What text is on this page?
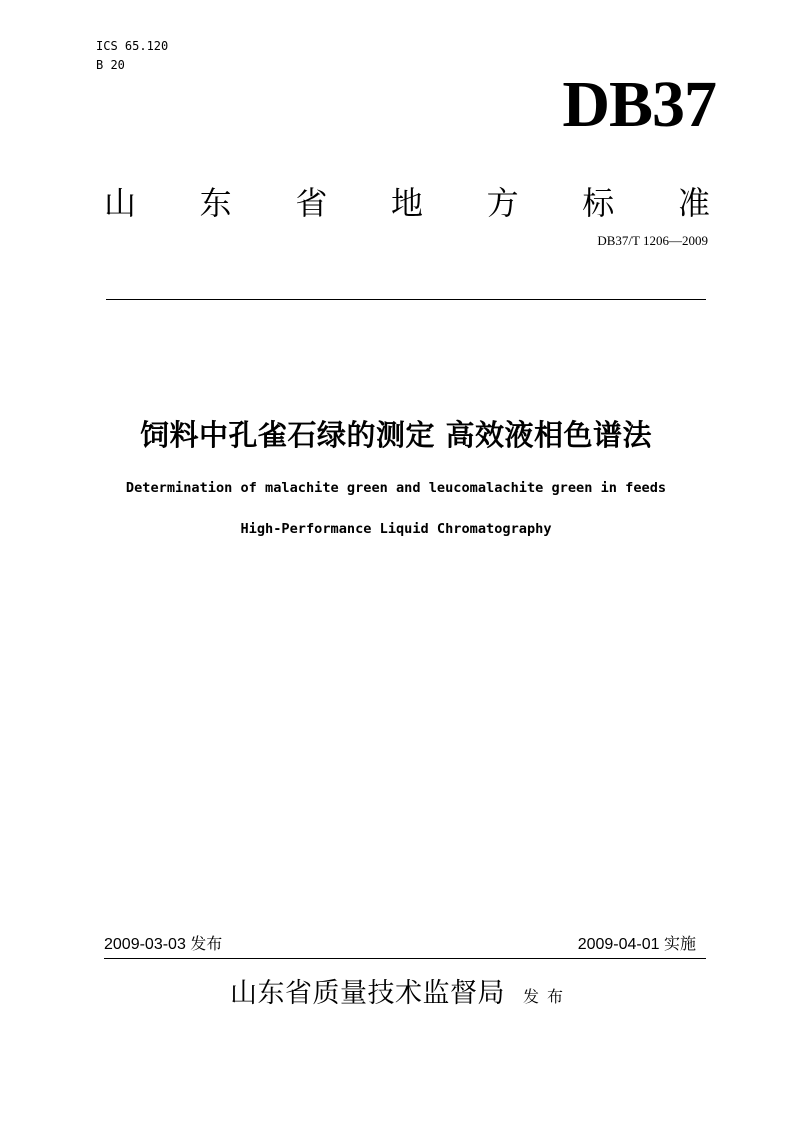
ICS 65.120
B 20
DB37
山 东 省 地 方 标 准
DB37/T 1206—2009
饲料中孔雀石绿的测定 高效液相色谱法
Determination of malachite green and leucomalachite green in feeds
High-Performance Liquid Chromatography
2009-03-03 发布	2009-04-01 实施
山东省质量技术监督局 发布
